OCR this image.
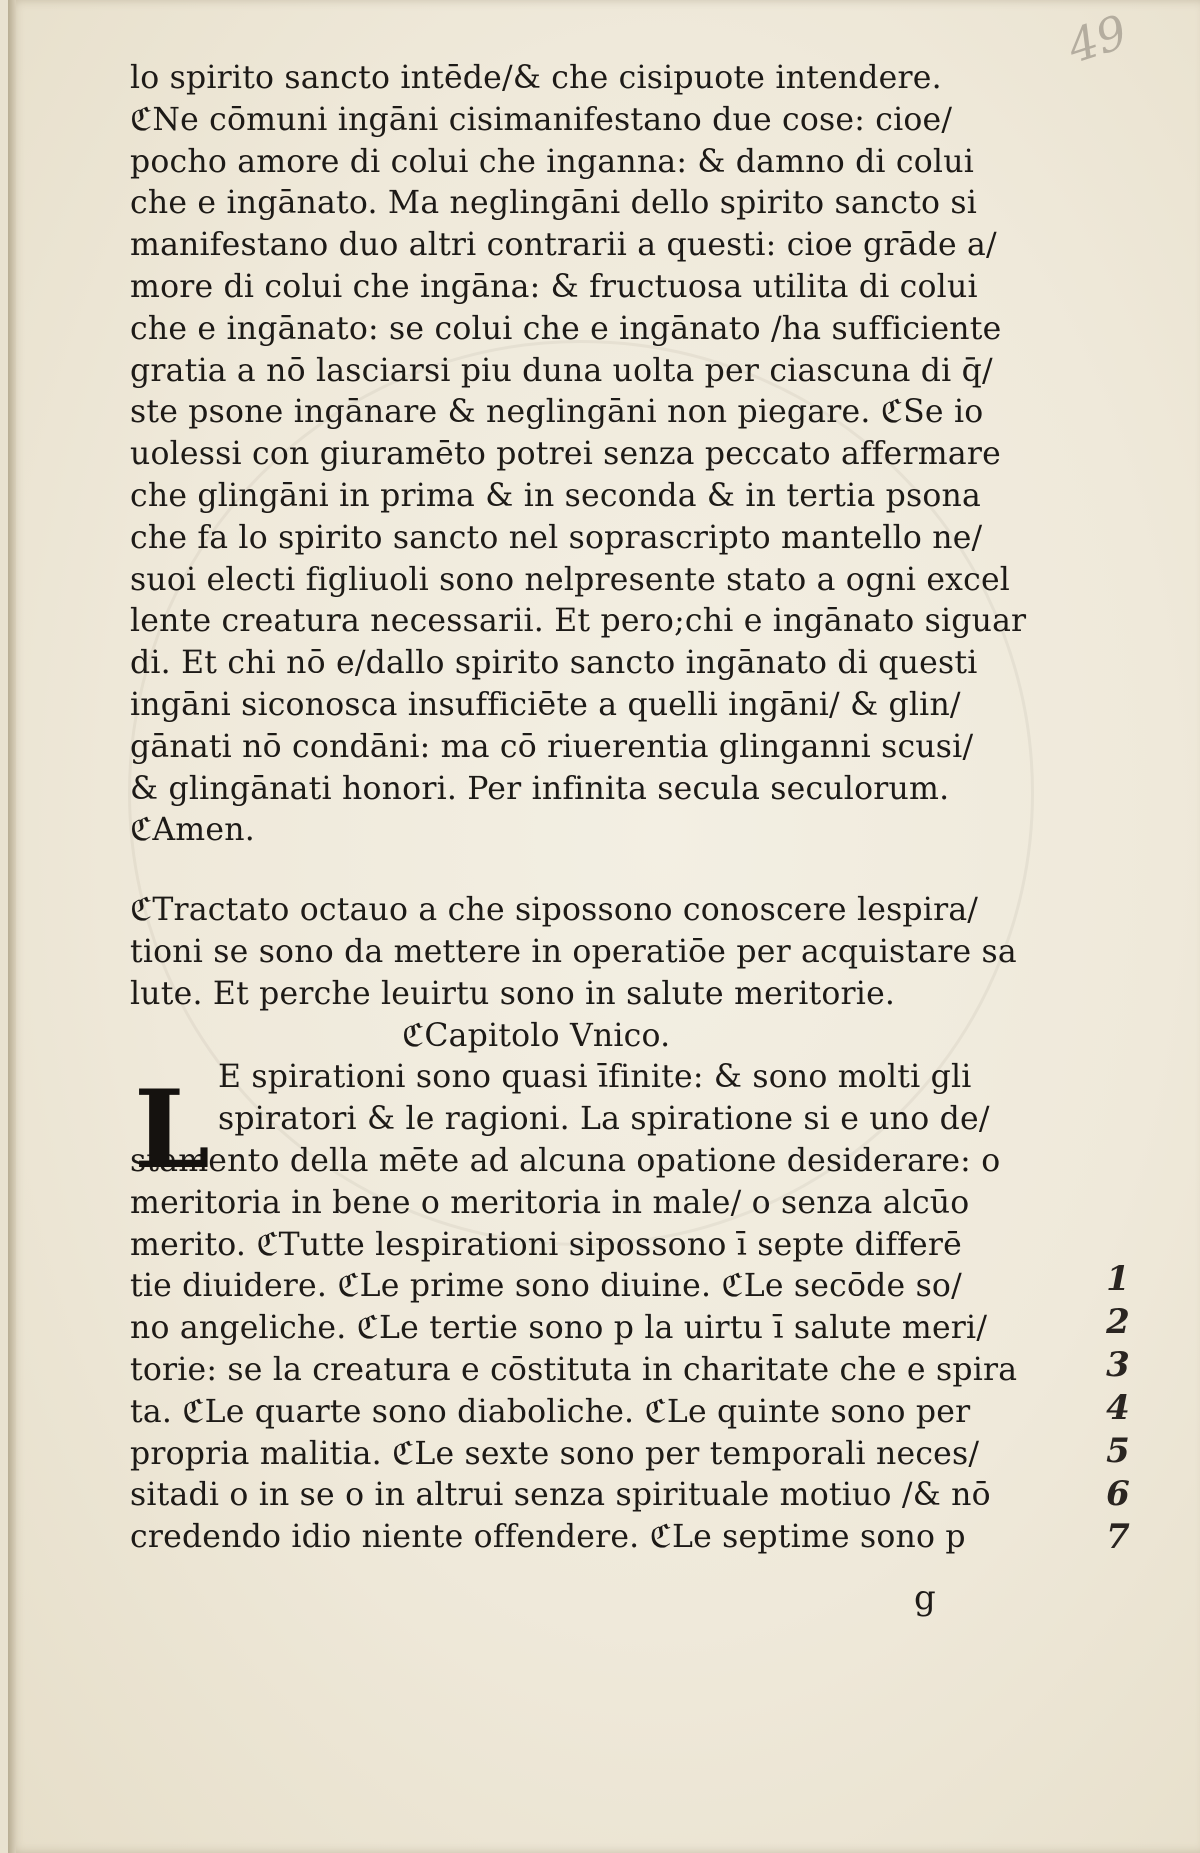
49
lo spirito sancto intēde/& che cisipuote intendere.
ℭNe cōmuni ingāni cisimanifestano due cose: cioe/
pocho amore di colui che inganna: & damno di colui
che e ingānato. Ma neglingāni dello spirito sancto si
manifestano duo altri contrarii a questi: cioe grāde a/
more di colui che ingāna: & fructuosa utilita di colui
che e ingānato: se colui che e ingānato /ha sufficiente
gratia a nō lasciarsi piu duna uolta per ciascuna di q̄/
ste psone ingānare & neglingāni non piegare. ℭSe io
uolessi con giuramēto potrei senza peccato affermare
che glingāni in prima & in seconda & in tertia psona
che fa lo spirito sancto nel soprascripto mantello ne/
suoi electi figliuoli sono nelpresente stato a ogni excel
lente creatura necessarii. Et pero;chi e ingānato siguar
di. Et chi nō e/dallo spirito sancto ingānato di questi
ingāni siconosca insufficiēte a quelli ingāni/ & glin/
gānati nō condāni: ma cō riuerentia glinganni scusi/
& glingānati honori. Per infinita secula seculorum.
ℭAmen.
ℭTractato octauo a che sipossono conoscere lespira/
tioni se sono da mettere in operatiōe per acquistare sa
lute. Et perche leuirtu sono in salute meritorie.
ℭCapitolo Vnico.
E spirationi sono quasi īfinite: & sono molti gli
spiratori & le ragioni. La spiratione si e uno de/
stamento della mēte ad alcuna opatione desiderare: o
meritoria in bene o meritoria in male/ o senza alcūo
merito. ℭTutte lespirationi sipossono ī septe differē
tie diuidere. ℭLe prime sono diuine. ℭLe secōde so/
no angeliche. ℭLe tertie sono p la uirtu ī salute meri/
torie: se la creatura e cōstituta in charitate che e spira
ta. ℭLe quarte sono diaboliche. ℭLe quinte sono per
propria malitia. ℭLe sexte sono per temporali neces/
sitadi o in se o in altrui senza spirituale motiuo /& nō
credendo idio niente offendere. ℭLe septime sono p
L
g
1
2
3
4
5
6
7
